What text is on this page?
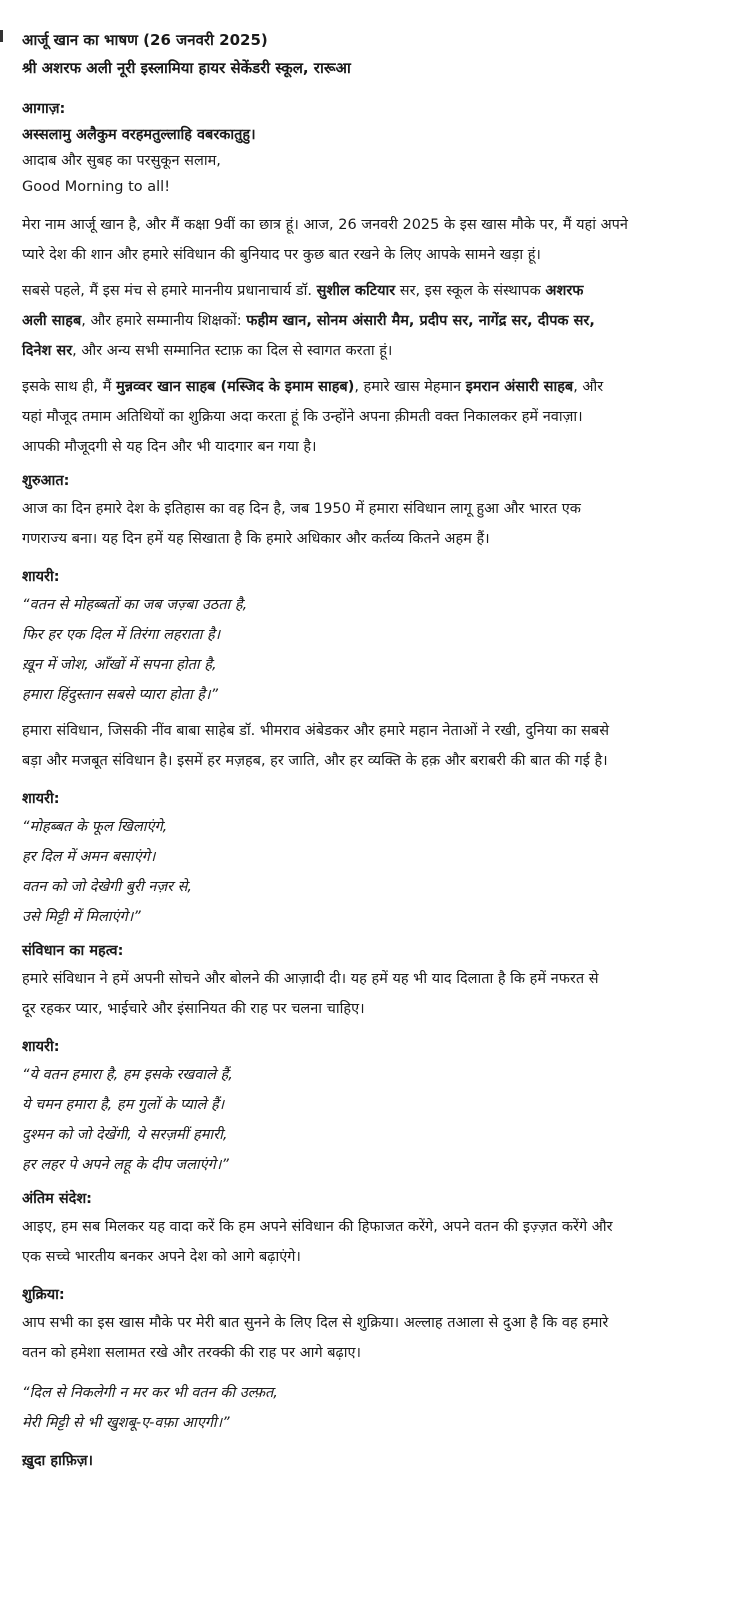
आर्जू खान का भाषण (26 जनवरी 2025)

श्री अशरफ अली नूरी इस्लामिया हायर सेकेंडरी स्कूल, रारूआ

आगाज़:

अस्सलामु अलैकुम वरहमतुल्लाहि वबरकातुहु।

आदाब और सुबह का परसुकून सलाम,

Good Morning to all!

मेरा नाम आर्जू खान है, और मैं कक्षा 9वीं का छात्र हूं। आज, 26 जनवरी 2025 के इस खास मौके पर, मैं यहां अपने

प्यारे देश की शान और हमारे संविधान की बुनियाद पर कुछ बात रखने के लिए आपके सामने खड़ा हूं।

सबसे पहले, मैं इस मंच से हमारे माननीय प्रधानाचार्य डॉ. सुशील कटियार सर, इस स्कूल के संस्थापक अशरफ

अली साहब, और हमारे सम्मानीय शिक्षकों: फहीम खान, सोनम अंसारी मैम, प्रदीप सर, नागेंद्र सर, दीपक सर,

दिनेश सर, और अन्य सभी सम्मानित स्टाफ़ का दिल से स्वागत करता हूं।

इसके साथ ही, मैं मुन्नव्वर खान साहब (मस्जिद के इमाम साहब), हमारे खास मेहमान इमरान अंसारी साहब, और

यहां मौजूद तमाम अतिथियों का शुक्रिया अदा करता हूं कि उन्होंने अपना क़ीमती वक्त निकालकर हमें नवाज़ा।

आपकी मौजूदगी से यह दिन और भी यादगार बन गया है।

शुरुआत:

आज का दिन हमारे देश के इतिहास का वह दिन है, जब 1950 में हमारा संविधान लागू हुआ और भारत एक

गणराज्य बना। यह दिन हमें यह सिखाता है कि हमारे अधिकार और कर्तव्य कितने अहम हैं।

शायरी:

“वतन से मोहब्बतों का जब जज़्बा उठता है,

फिर हर एक दिल में तिरंगा लहराता है।

ख़ून में जोश, आँखों में सपना होता है,

हमारा हिंदुस्तान सबसे प्यारा होता है।”

हमारा संविधान, जिसकी नींव बाबा साहेब डॉ. भीमराव अंबेडकर और हमारे महान नेताओं ने रखी, दुनिया का सबसे

बड़ा और मजबूत संविधान है। इसमें हर मज़हब, हर जाति, और हर व्यक्ति के हक़ और बराबरी की बात की गई है।

शायरी:

“मोहब्बत के फूल खिलाएंगे,

हर दिल में अमन बसाएंगे।

वतन को जो देखेगी बुरी नज़र से,

उसे मिट्टी में मिलाएंगे।”

संविधान का महत्व:

हमारे संविधान ने हमें अपनी सोचने और बोलने की आज़ादी दी। यह हमें यह भी याद दिलाता है कि हमें नफरत से

दूर रहकर प्यार, भाईचारे और इंसानियत की राह पर चलना चाहिए।

शायरी:

“ये वतन हमारा है, हम इसके रखवाले हैं,

ये चमन हमारा है, हम गुलों के प्याले हैं।

दुश्मन को जो देखेंगी, ये सरज़मीं हमारी,

हर लहर पे अपने लहू के दीप जलाएंगे।”

अंतिम संदेश:

आइए, हम सब मिलकर यह वादा करें कि हम अपने संविधान की हिफाजत करेंगे, अपने वतन की इज़्ज़त करेंगे और

एक सच्चे भारतीय बनकर अपने देश को आगे बढ़ाएंगे।

शुक्रिया:

आप सभी का इस खास मौके पर मेरी बात सुनने के लिए दिल से शुक्रिया। अल्लाह तआला से दुआ है कि वह हमारे

वतन को हमेशा सलामत रखे और तरक्की की राह पर आगे बढ़ाए।

“दिल से निकलेगी न मर कर भी वतन की उल्फ़त,

मेरी मिट्टी से भी खुशबू-ए-वफ़ा आएगी।”

ख़ुदा हाफ़िज़।
